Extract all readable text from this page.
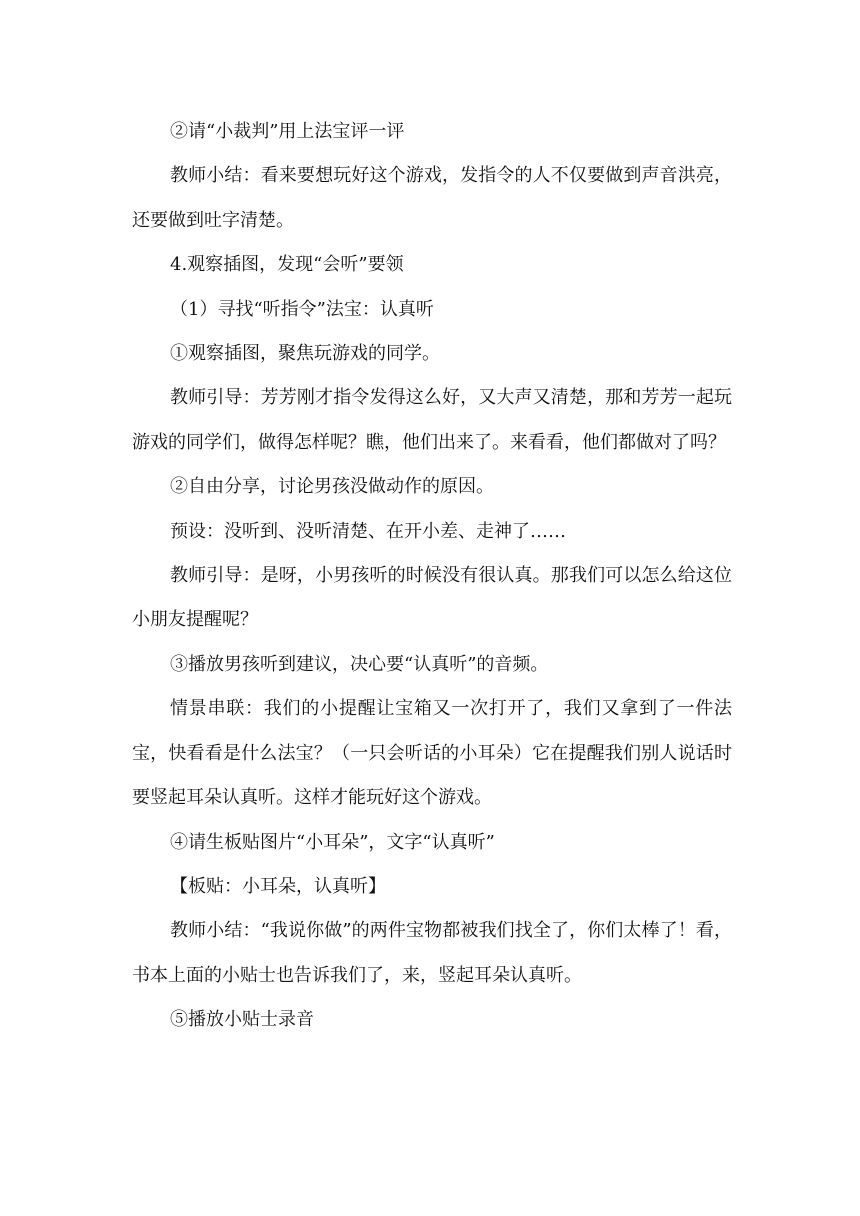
②请“小裁判”用上法宝评一评

教师小结：看来要想玩好这个游戏，发指令的人不仅要做到声音洪亮，还要做到吐字清楚。

4.观察插图，发现“会听”要领

（1）寻找“听指令”法宝：认真听

①观察插图，聚焦玩游戏的同学。

教师引导：芳芳刚才指令发得这么好，又大声又清楚，那和芳芳一起玩游戏的同学们，做得怎样呢？瞧，他们出来了。来看看，他们都做对了吗？

②自由分享，讨论男孩没做动作的原因。

预设：没听到、没听清楚、在开小差、走神了……

教师引导：是呀，小男孩听的时候没有很认真。那我们可以怎么给这位小朋友提醒呢？

③播放男孩听到建议，决心要“认真听”的音频。

情景串联：我们的小提醒让宝箱又一次打开了，我们又拿到了一件法宝，快看看是什么法宝？（一只会听话的小耳朵）它在提醒我们别人说话时要竖起耳朵认真听。这样才能玩好这个游戏。

④请生板贴图片“小耳朵”，文字“认真听”

【板贴：小耳朵，认真听】

教师小结：“我说你做”的两件宝物都被我们找全了，你们太棒了！看，书本上面的小贴士也告诉我们了，来，竖起耳朵认真听。

⑤播放小贴士录音
